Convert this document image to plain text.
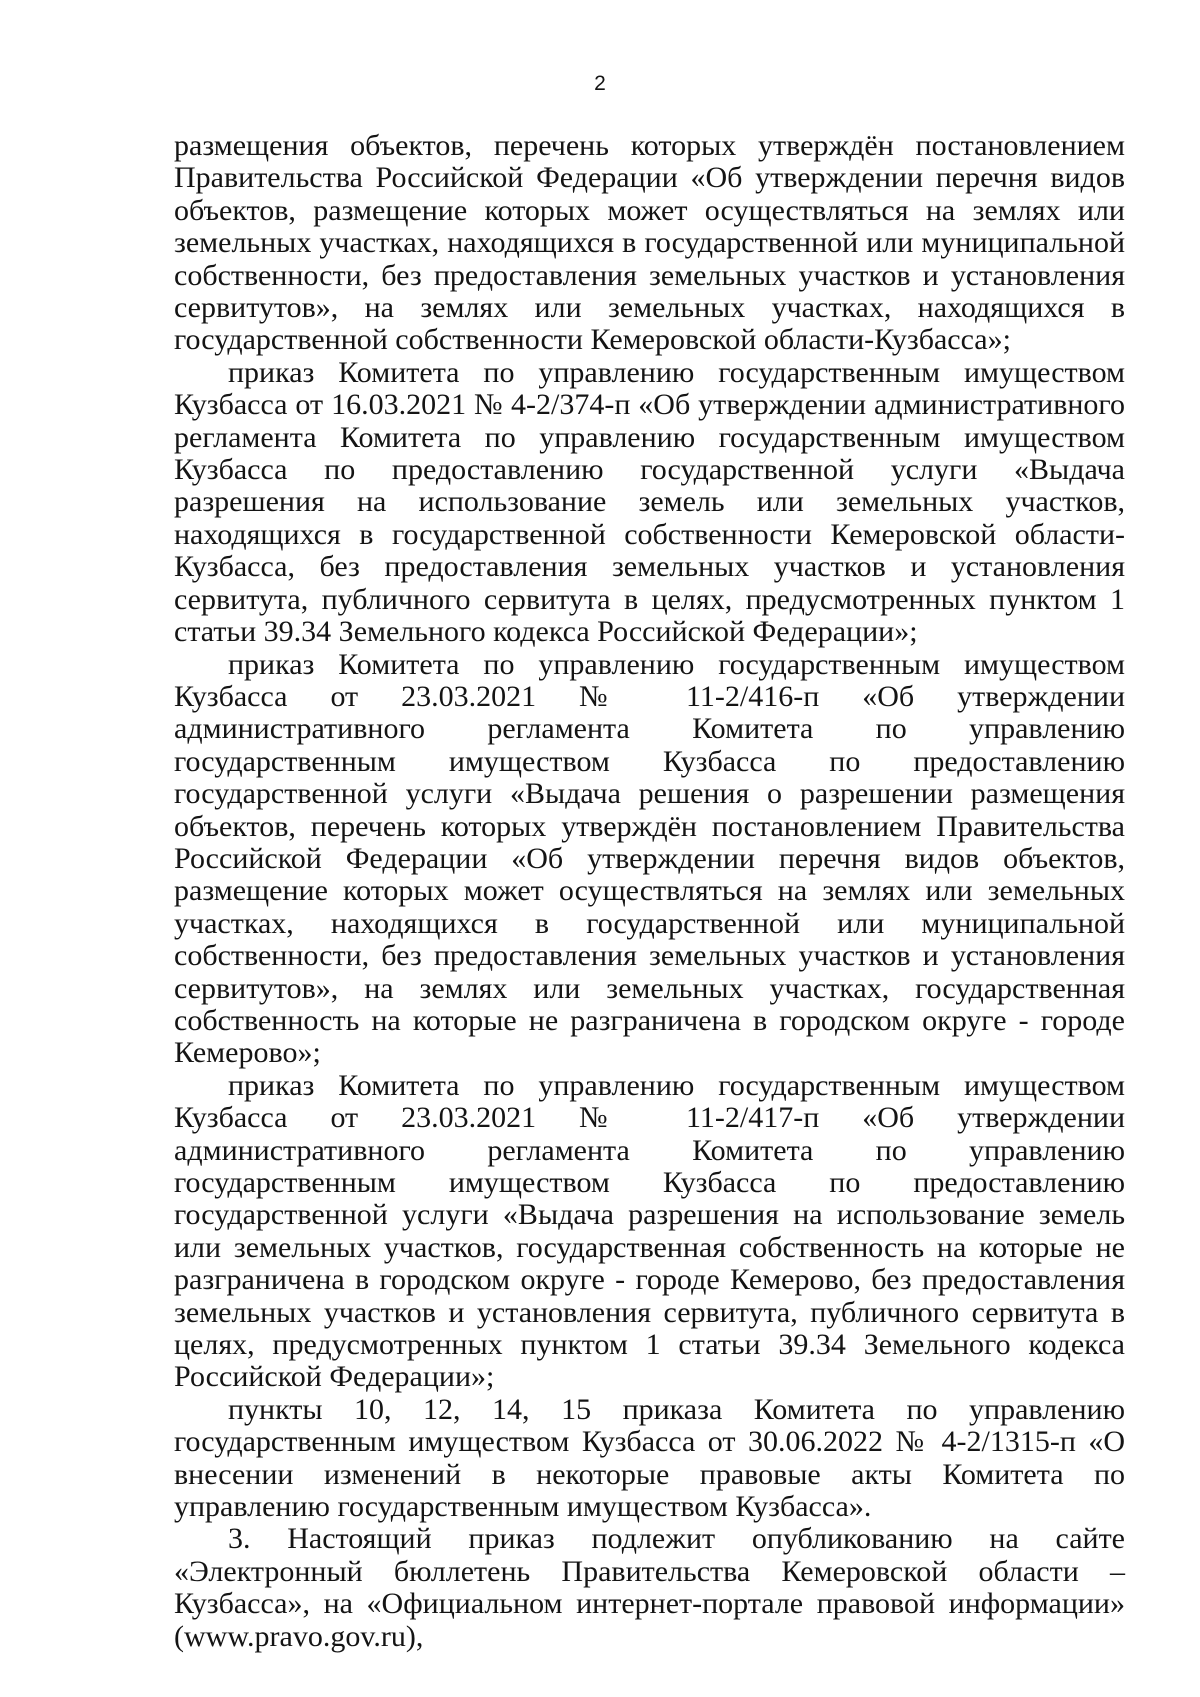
2

размещения объектов, перечень которых утверждён постановлением Правительства Российской Федерации «Об утверждении перечня видов объектов, размещение которых может осуществляться на землях или земельных участках, находящихся в государственной или муниципальной собственности, без предоставления земельных участков и установления сервитутов», на землях или земельных участках, находящихся в государственной собственности Кемеровской области-Кузбасса»;

приказ Комитета по управлению государственным имуществом Кузбасса от 16.03.2021 № 4-2/374-п «Об утверждении административного регламента Комитета по управлению государственным имуществом Кузбасса по предоставлению государственной услуги «Выдача разрешения на использование земель или земельных участков, находящихся в государственной собственности Кемеровской области-Кузбасса, без предоставления земельных участков и установления сервитута, публичного сервитута в целях, предусмотренных пунктом 1 статьи 39.34 Земельного кодекса Российской Федерации»;

приказ Комитета по управлению государственным имуществом Кузбасса от 23.03.2021 № 11-2/416-п «Об утверждении административного регламента Комитета по управлению государственным имуществом Кузбасса по предоставлению государственной услуги «Выдача решения о разрешении размещения объектов, перечень которых утверждён постановлением Правительства Российской Федерации «Об утверждении перечня видов объектов, размещение которых может осуществляться на землях или земельных участках, находящихся в государственной или муниципальной собственности, без предоставления земельных участков и установления сервитутов», на землях или земельных участках, государственная собственность на которые не разграничена в городском округе - городе Кемерово»;

приказ Комитета по управлению государственным имуществом Кузбасса от 23.03.2021 № 11-2/417-п «Об утверждении административного регламента Комитета по управлению государственным имуществом Кузбасса по предоставлению государственной услуги «Выдача разрешения на использование земель или земельных участков, государственная собственность на которые не разграничена в городском округе - городе Кемерово, без предоставления земельных участков и установления сервитута, публичного сервитута в целях, предусмотренных пунктом 1 статьи 39.34 Земельного кодекса Российской Федерации»;

пункты 10, 12, 14, 15 приказа Комитета по управлению государственным имуществом Кузбасса от 30.06.2022 № 4-2/1315-п «О внесении изменений в некоторые правовые акты Комитета по управлению государственным имуществом Кузбасса».

3. Настоящий приказ подлежит опубликованию на сайте «Электронный бюллетень Правительства Кемеровской области – Кузбасса», на «Официальном интернет-портале правовой информации» (www.pravo.gov.ru),
